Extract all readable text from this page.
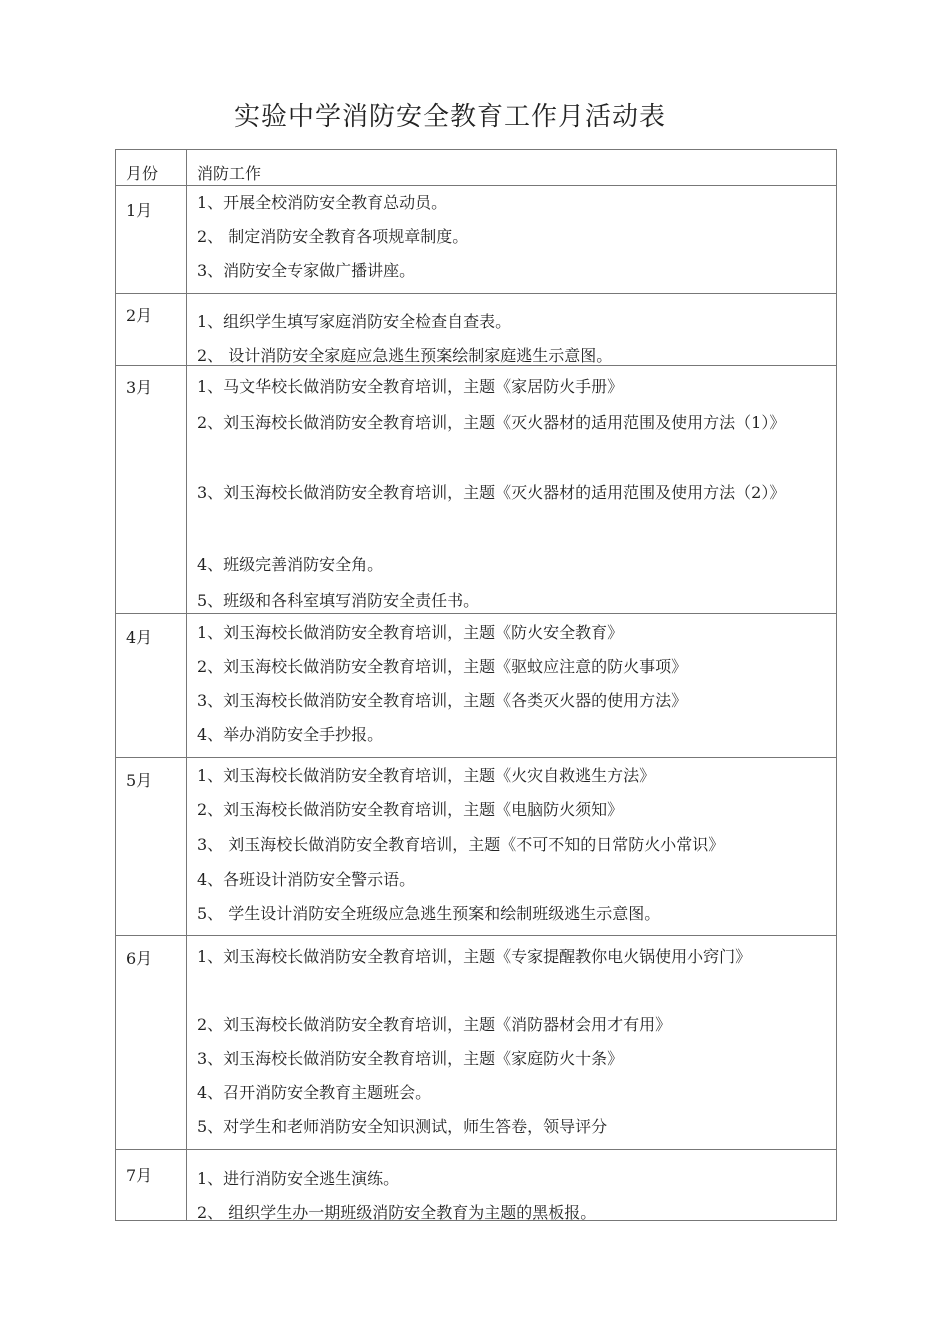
实验中学消防安全教育工作月活动表
月份 消防工作
1月	1、开展全校消防安全教育总动员。
2、 制定消防安全教育各项规章制度。
3、消防安全专家做广播讲座。
2月	1、组织学生填写家庭消防安全检查自查表。
2、 设计消防安全家庭应急逃生预案绘制家庭逃生示意图。
3月	1、马文华校长做消防安全教育培训，主题《家居防火手册》
2、刘玉海校长做消防安全教育培训，主题《灭火器材的适用范围及使用方法（1）》
3、刘玉海校长做消防安全教育培训，主题《灭火器材的适用范围及使用方法（2）》
4、班级完善消防安全角。
5、班级和各科室填写消防安全责任书。
4月	1、刘玉海校长做消防安全教育培训，主题《防火安全教育》
2、刘玉海校长做消防安全教育培训，主题《驱蚊应注意的防火事项》
3、刘玉海校长做消防安全教育培训，主题《各类灭火器的使用方法》
4、举办消防安全手抄报。
5月	1、刘玉海校长做消防安全教育培训，主题《火灾自救逃生方法》
2、刘玉海校长做消防安全教育培训，主题《电脑防火须知》
3、 刘玉海校长做消防安全教育培训，主题《不可不知的日常防火小常识》
4、各班设计消防安全警示语。
5、 学生设计消防安全班级应急逃生预案和绘制班级逃生示意图。
6月	1、刘玉海校长做消防安全教育培训，主题《专家提醒教你电火锅使用小窍门》
2、刘玉海校长做消防安全教育培训，主题《消防器材会用才有用》
3、刘玉海校长做消防安全教育培训，主题《家庭防火十条》
4、召开消防安全教育主题班会。
5、对学生和老师消防安全知识测试，师生答卷，领导评分
7月	1、进行消防安全逃生演练。
2、 组织学生办一期班级消防安全教育为主题的黑板报。
